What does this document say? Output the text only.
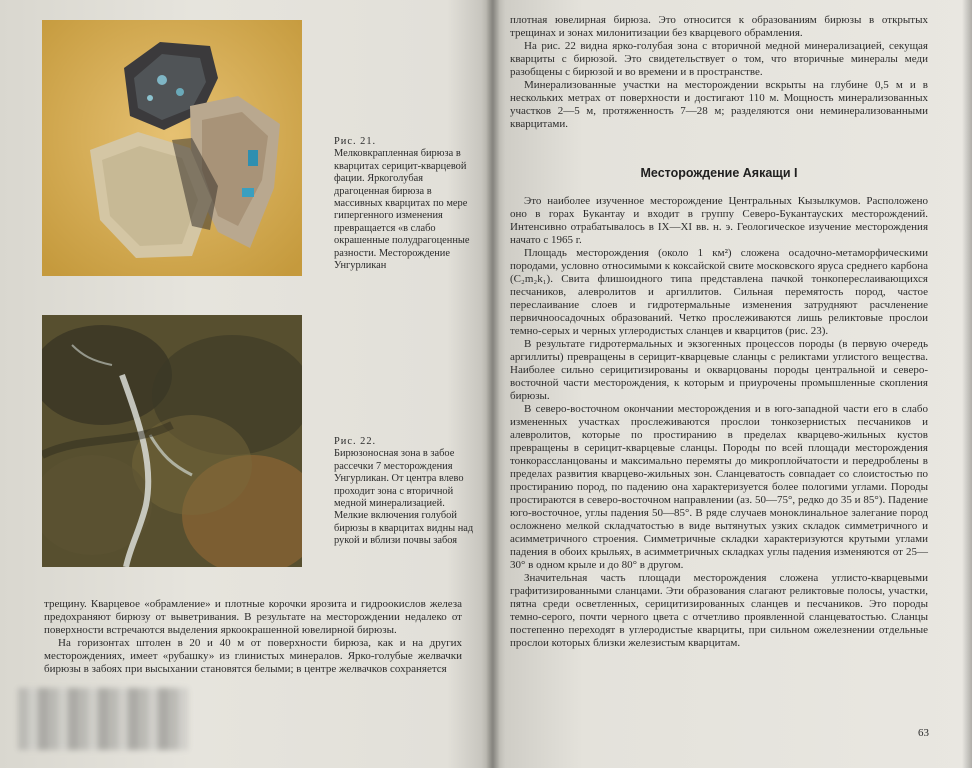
Рис. 21.
Мелковкрапленная бирюза в кварцитах серицит-кварцевой фации. Яркоголубая драгоценная бирюза в массивных кварцитах по мере гипергенного изменения превращается «в слабо окрашенные полудрагоценные разности. Месторождение Унгурликан
Рис. 22.
Бирюзоносная зона в забое рассечки 7 месторождения Унгурликан. От центра влево проходит зона с вторичной медной минерализацией. Мелкие включения голубой бирюзы в кварцитах видны над рукой и вблизи почвы забоя

трещину. Кварцевое «обрамление» и плотные корочки ярозита и гидроокислов железа предохраняют бирюзу от выветривания. В результате на месторождении недалеко от поверхности встречаются выделения яркоокрашенной ювелирной бирюзы.

На горизонтах штолен в 20 и 40 м от поверхности бирюза, как и на других месторождениях, имеет «рубашку» из глинистых минералов. Ярко-голубые желвачки бирюзы в забоях при высыхании становятся белыми; в центре желвачков сохраняется

плотная ювелирная бирюза. Это относится к образованиям бирюзы в открытых трещинах и зонах милонитизации без кварцевого обрамления.

На рис. 22 видна ярко-голубая зона с вторичной медной минерализацией, секущая кварциты с бирюзой. Это свидетельствует о том, что вторичные минералы меди разобщены с бирюзой и во времени и в пространстве.

Минерализованные участки на месторождении вскрыты на глубине 0,5 м и в нескольких метрах от поверхности и достигают 110 м. Мощность минерализованных участков 2—5 м, протяженность 7—28 м; разделяются они неминерализованными кварцитами.

Месторождение Аякащи I

Это наиболее изученное месторождение Центральных Кызылкумов. Расположено оно в горах Букантау и входит в группу Северо-Букантауских месторождений. Интенсивно отрабатывалось в IX—XI вв. н. э. Геологическое изучение месторождения начато с 1965 г.

Площадь месторождения (около 1 км²) сложена осадочно-метаморфическими породами, условно относимыми к коксайской свите московского яруса среднего карбона (C₂m₂k₁). Свита флишоидного типа представлена пачкой тонкопереслаивающихся песчаников, алевролитов и аргиллитов. Сильная перемятость пород, частое переслаивание слоев и гидротермальные изменения затрудняют расчленение первичноосадочных образований. Четко прослеживаются лишь реликтовые прослои темно-серых и черных углеродистых сланцев и кварцитов (рис. 23).

В результате гидротермальных и экзогенных процессов породы (в первую очередь аргиллиты) превращены в серицит-кварцевые сланцы с реликтами углистого вещества. Наиболее сильно серицитизированы и окварцованы породы центральной и северо-восточной части месторождения, к которым и приурочены промышленные скопления бирюзы.

В северо-восточном окончании месторождения и в юго-западной части его в слабо измененных участках прослеживаются прослои тонкозернистых песчаников и алевролитов, которые по простиранию в пределах кварцево-жильных кустов превращены в серицит-кварцевые сланцы. Породы по всей площади месторождения тонкорассланцованы и максимально перемяты до микроплойчатости и передроблены в пределах развития кварцево-жильных зон. Сланцеватость совпадает со слоистостью по простиранию пород, по падению она характеризуется более пологими углами. Породы простираются в северо-восточном направлении (аз. 50—75°, редко до 35 и 85°). Падение юго-восточное, углы падения 50—85°. В ряде случаев моноклинальное залегание пород осложнено мелкой складчатостью в виде вытянутых узких складок симметричного и асимметричного строения. Симметричные складки характеризуются крутыми углами падения в обоих крыльях, в асимметричных складках углы падения изменяются от 25—30° в одном крыле и до 80° в другом.

Значительная часть площади месторождения сложена углисто-кварцевыми графитизированными сланцами. Эти образования слагают реликтовые полосы, участки, пятна среди осветленных, серицитизированных сланцев и песчаников. Это породы темно-серого, почти черного цвета с отчетливо проявленной сланцеватостью. Сланцы постепенно переходят в углеродистые кварциты, при сильном ожелезнении отдельные прослои которых близки железистым кварцитам.

63
